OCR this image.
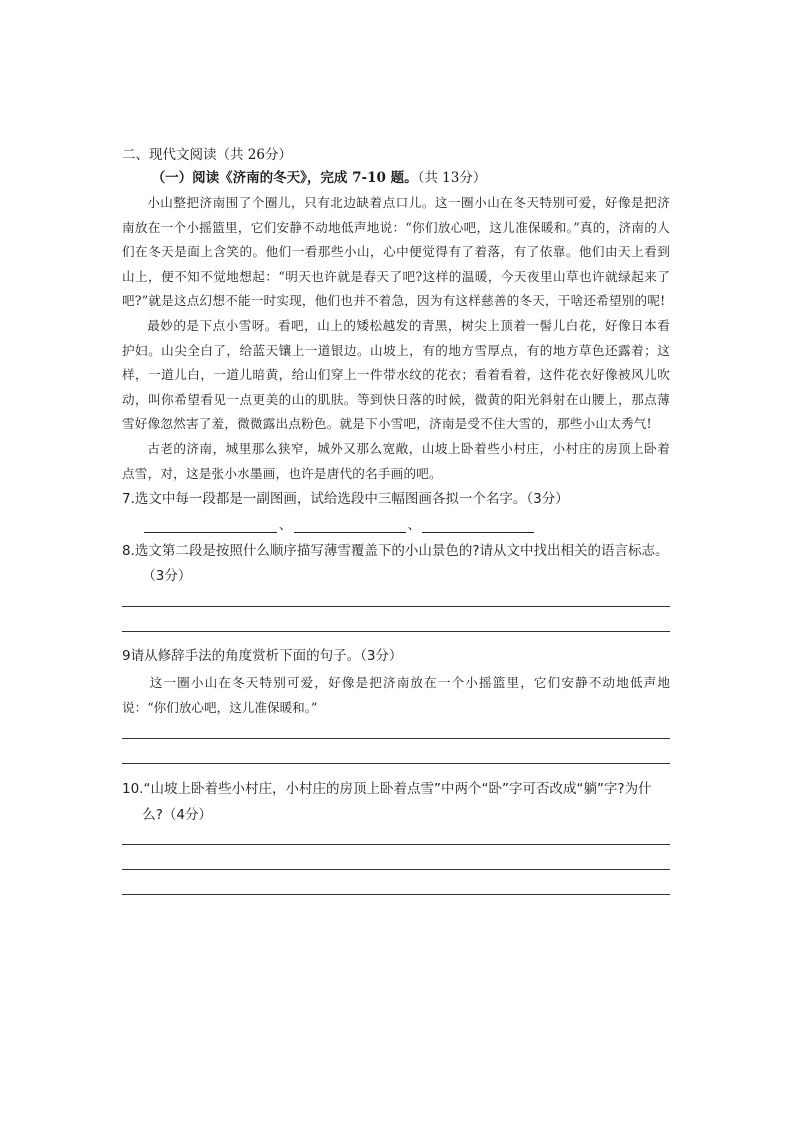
二、现代文阅读（共 26分）

（一）阅读《济南的冬天》，完成 7-10 题。（共 13分）

小山整把济南围了个圈儿，只有北边缺着点口儿。这一圈小山在冬天特别可爱，好像是把济南放在一个小摇篮里，它们安静不动地低声地说：“你们放心吧，这儿准保暖和。”真的，济南的人们在冬天是面上含笑的。他们一看那些小山，心中便觉得有了着落，有了依靠。他们由天上看到山上，便不知不觉地想起：“明天也许就是春天了吧?这样的温暖，今天夜里山草也许就绿起来了吧?”就是这点幻想不能一时实现，他们也并不着急，因为有这样慈善的冬天，干啥还希望别的呢!

最妙的是下点小雪呀。看吧，山上的矮松越发的青黑，树尖上顶着一髻儿白花，好像日本看护妇。山尖全白了，给蓝天镶上一道银边。山坡上，有的地方雪厚点，有的地方草色还露着；这样，一道儿白，一道儿暗黄，给山们穿上一件带水纹的花衣；看着看着，这件花衣好像被风儿吹动，叫你希望看见一点更美的山的肌肤。等到快日落的时候，微黄的阳光斜射在山腰上，那点薄雪好像忽然害了羞，微微露出点粉色。就是下小雪吧，济南是受不住大雪的，那些小山太秀气!

古老的济南，城里那么狭窄，城外又那么宽敞，山坡上卧着些小村庄，小村庄的房顶上卧着点雪，对，这是张小水墨画，也许是唐代的名手画的吧。

7.选文中每一段都是一副图画，试给选段中三幅图画各拟一个名字。（3分）

、	、

8.选文第二段是按照什么顺序描写薄雪覆盖下的小山景色的?请从文中找出相关的语言标志。（3分）

9请从修辞手法的角度赏析下面的句子。（3分）

这一圈小山在冬天特别可爱，好像是把济南放在一个小摇篮里，它们安静不动地低声地说：“你们放心吧，这儿准保暖和。”

10.“山坡上卧着些小村庄，小村庄的房顶上卧着点雪”中两个“卧”字可否改成“躺”字?为什么?（4分）
